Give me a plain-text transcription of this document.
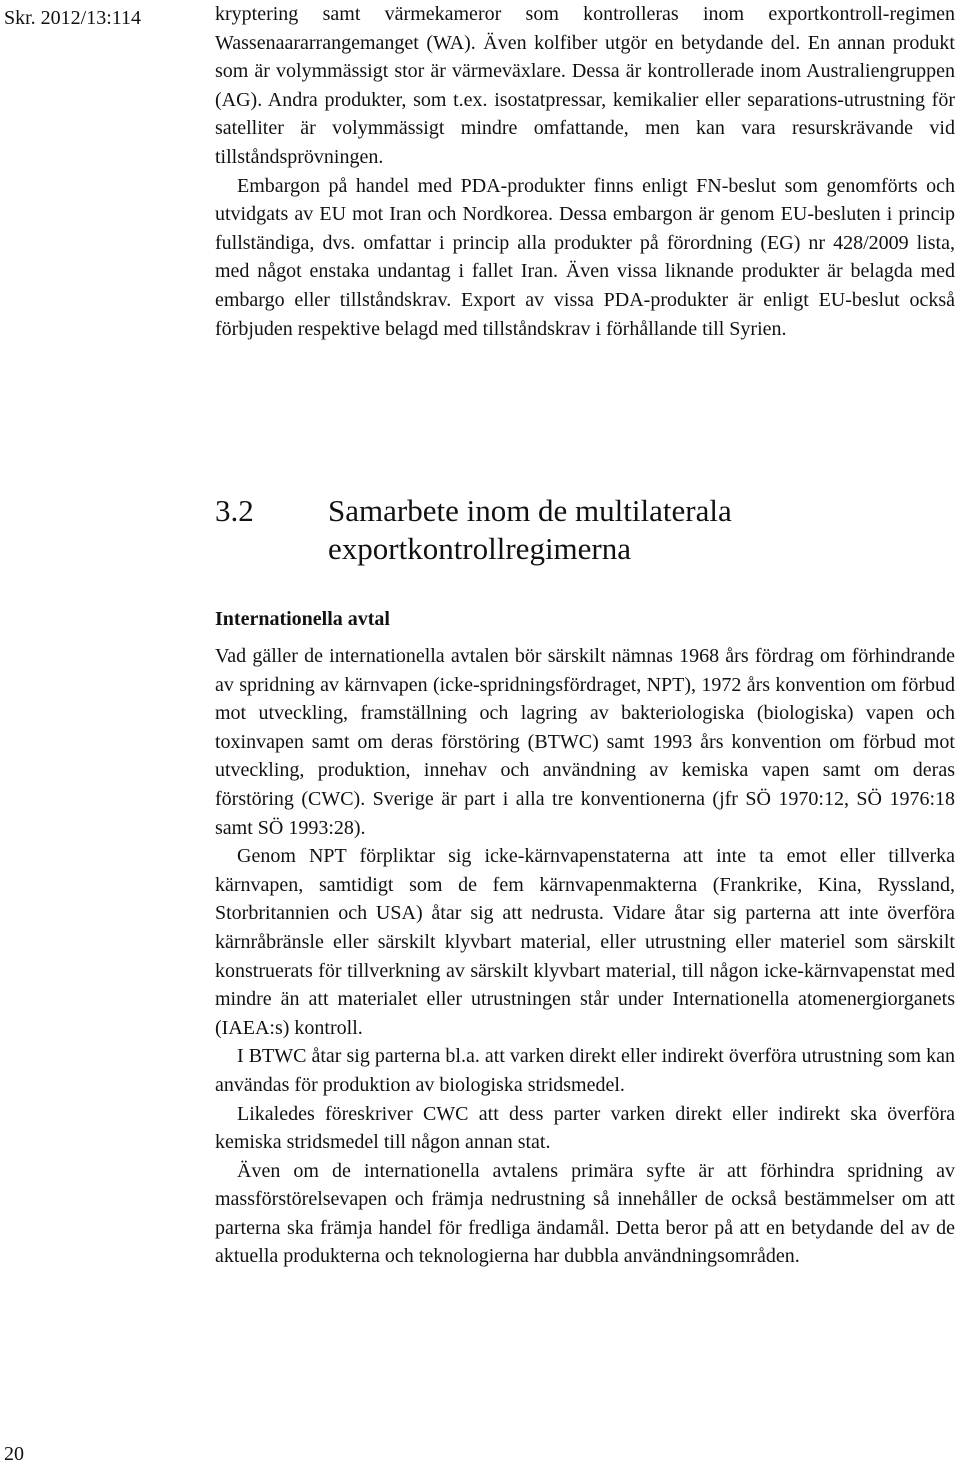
Skr. 2012/13:114	kryptering samt värmekameror som kontrolleras inom exportkontroll-regimen Wassenaararrangemanget (WA). Även kolfiber utgör en betydande del. En annan produkt som är volymmässigt stor är värmeväxlare. Dessa är kontrollerade inom Australiengruppen (AG). Andra produkter, som t.ex. isostatpressar, kemikalier eller separations-utrustning för satelliter är volymmässigt mindre omfattande, men kan vara resurskrävande vid tillståndsprövningen.

Embargon på handel med PDA-produkter finns enligt FN-beslut som genomförts och utvidgats av EU mot Iran och Nordkorea. Dessa embargon är genom EU-besluten i princip fullständiga, dvs. omfattar i princip alla produkter på förordning (EG) nr 428/2009 lista, med något enstaka undantag i fallet Iran. Även vissa liknande produkter är belagda med embargo eller tillståndskrav. Export av vissa PDA-produkter är enligt EU-beslut också förbjuden respektive belagd med tillståndskrav i förhållande till Syrien.

3.2	Samarbete inom de multilaterala exportkontrollregimerna
Internationella avtal

Vad gäller de internationella avtalen bör särskilt nämnas 1968 års fördrag om förhindrande av spridning av kärnvapen (icke-spridningsfördraget, NPT), 1972 års konvention om förbud mot utveckling, framställning och lagring av bakteriologiska (biologiska) vapen och toxinvapen samt om deras förstöring (BTWC) samt 1993 års konvention om förbud mot utveckling, produktion, innehav och användning av kemiska vapen samt om deras förstöring (CWC). Sverige är part i alla tre konventionerna (jfr SÖ 1970:12, SÖ 1976:18 samt SÖ 1993:28).

Genom NPT förpliktar sig icke-kärnvapenstaterna att inte ta emot eller tillverka kärnvapen, samtidigt som de fem kärnvapenmakterna (Frankrike, Kina, Ryssland, Storbritannien och USA) åtar sig att nedrusta. Vidare åtar sig parterna att inte överföra kärnråbränsle eller särskilt klyvbart material, eller utrustning eller materiel som särskilt konstruerats för tillverkning av särskilt klyvbart material, till någon icke-kärnvapenstat med mindre än att materialet eller utrustningen står under Internationella atomenergiorganets (IAEA:s) kontroll.

I BTWC åtar sig parterna bl.a. att varken direkt eller indirekt överföra utrustning som kan användas för produktion av biologiska stridsmedel.

Likaledes föreskriver CWC att dess parter varken direkt eller indirekt ska överföra kemiska stridsmedel till någon annan stat.

Även om de internationella avtalens primära syfte är att förhindra spridning av massförstörelsevapen och främja nedrustning så innehåller de också bestämmelser om att parterna ska främja handel för fredliga ändamål. Detta beror på att en betydande del av de aktuella produkterna och teknologierna har dubbla användningsområden.

20
